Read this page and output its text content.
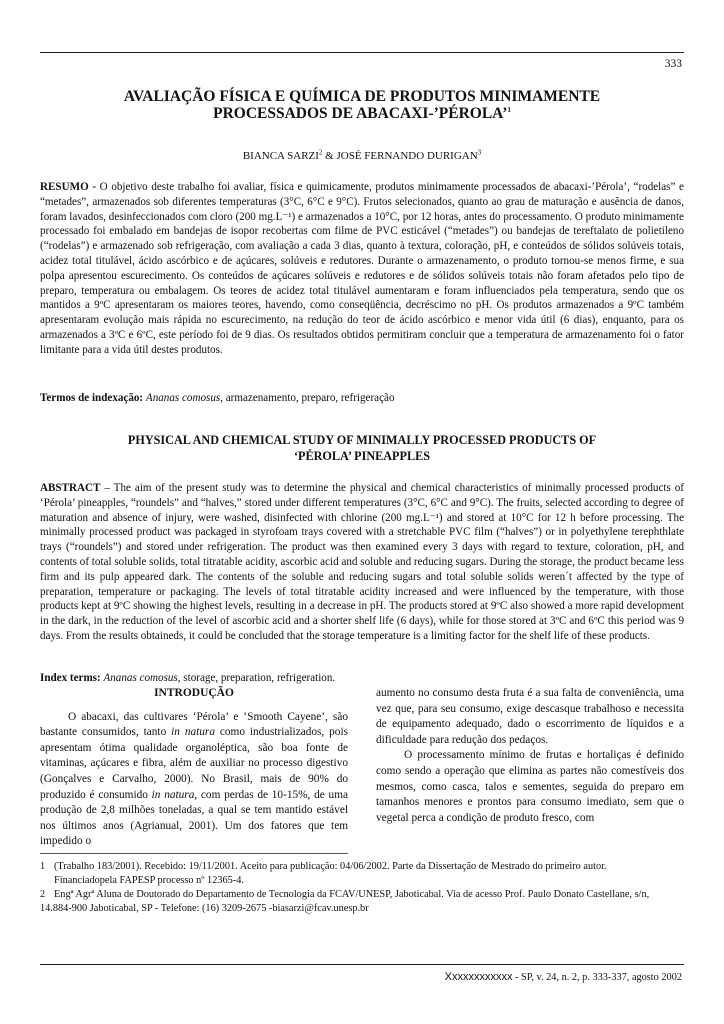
333
AVALIAÇÃO FÍSICA E QUÍMICA DE PRODUTOS MINIMAMENTE
PROCESSADOS DE ABACAXI-’PÉROLA’$^1$
BIANCA SARZI$^2$ & JOSÉ FERNANDO DURIGAN$^3$
RESUMO - O objetivo deste trabalho foi avaliar, física e quimicamente, produtos minimamente processados de abacaxi-’Pérola’, “rodelas” e “metades”, armazenados sob diferentes temperaturas (3°C, 6°C e 9°C). Frutos selecionados, quanto ao grau de maturação e ausência de danos, foram lavados, desinfeccionados com cloro (200 mg.L⁻¹) e armazenados a 10°C, por 12 horas, antes do processamento. O produto minimamente processado foi embalado em bandejas de isopor recobertas com filme de PVC esticável (“metades”) ou bandejas de tereftalato de polietileno (“rodelas”) e armazenado sob refrigeração, com avaliação a cada 3 dias, quanto à textura, coloração, pH, e conteúdos de sólidos solúveis totais, acidez total titulável, ácido ascórbico e de açúcares, solúveis e redutores. Durante o armazenamento, o produto tornou-se menos firme, e sua polpa apresentou escurecimento. Os conteúdos de açúcares solúveis e redutores e de sólidos solúveis totais não foram afetados pelo tipo de preparo, temperatura ou embalagem. Os teores de acidez total titulável aumentaram e foram influenciados pela temperatura, sendo que os mantidos a 9ºC apresentaram os maiores teores, havendo, como conseqüência, decréscimo no pH. Os produtos armazenados a 9ºC também apresentaram evolução mais rápida no escurecimento, na redução do teor de ácido ascórbico e menor vida útil (6 dias), enquanto, para os armazenados a 3ºC e 6ºC, este período foi de 9 dias. Os resultados obtidos permitiram concluir que a temperatura de armazenamento foi o fator limitante para a vida útil destes produtos.
Termos de indexação: Ananas comosus, armazenamento, preparo, refrigeração
PHYSICAL AND CHEMICAL STUDY OF MINIMALLY PROCESSED PRODUCTS OF
‘PÉROLA’ PINEAPPLES
ABSTRACT – The aim of the present study was to determine the physical and chemical characteristics of minimally processed products of ‘Pérola’ pineapples, “roundels” and “halves,” stored under different temperatures (3°C, 6°C and 9°C). The fruits, selected according to degree of maturation and absence of injury, were washed, disinfected with chlorine (200 mg.L⁻¹) and stored at 10°C for 12 h before processing. The minimally processed product was packaged in styrofoam trays covered with a stretchable PVC film (“halves”) or in polyethylene terephthlate trays (“roundels”) and stored under refrigeration. The product was then examined every 3 days with regard to texture, coloration, pH, and contents of total soluble solids, total titratable acidity, ascorbic acid and soluble and reducing sugars. During the storage, the product became less firm and its pulp appeared dark. The contents of the soluble and reducing sugars and total soluble solids weren´t affected by the type of preparation, temperature or packaging. The levels of total titratable acidity increased and were influenced by the temperature, with those products kept at 9ºC showing the highest levels, resulting in a decrease in pH. The products stored at 9ºC also showed a more rapid development in the dark, in the reduction of the level of ascorbic acid and a shorter shelf life (6 days), while for those stored at 3ºC and 6ºC this period was 9 days. From the results obtaineds, it could be concluded that the storage temperature is a limiting factor for the shelf life of these products.
Index terms: Ananas comosus, storage, preparation, refrigeration.
INTRODUÇÃO

O abacaxi, das cultivares ‘Pérola’ e ‘Smooth Cayene’, são bastante consumidos, tanto in natura como industrializados, pois apresentam ótima qualidade organoléptica, são boa fonte de vitaminas, açúcares e fibra, além de auxiliar no processo digestivo (Gonçalves e Carvalho, 2000). No Brasil, mais de 90% do produzido é consumido in natura, com perdas de 10-15%, de uma produção de 2,8 milhões toneladas, a qual se tem mantido estável nos últimos anos (Agrianual, 2001). Um dos fatores que tem impedido o

aumento no consumo desta fruta é a sua falta de conveniência, uma vez que, para seu consumo, exige descasque trabalhoso e necessita de equipamento adequado, dado o escorrimento de líquidos e a dificuldade para redução dos pedaços.

O processamento mínimo de frutas e hortaliças é definido como sendo a operação que elimina as partes não comestíveis dos mesmos, como casca, talos e sementes, seguida do preparo em tamanhos menores e prontos para consumo imediato, sem que o vegetal perca a condição de produto fresco, com

1 (Trabalho 183/2001). Recebido: 19/11/2001. Aceito para publicação: 04/06/2002. Parte da Dissertação de Mestrado do primeiro autor.
Financiadopela FAPESP processo nº 12365-4.
2 Engª Agrª Aluna de Doutorado do Departamento de Tecnologia da FCAV/UNESP, Jaboticabal. Via de acesso Prof. Paulo Donato Castellane, s/n,
14.884-900 Jaboticabal, SP - Telefone: (16) 3209-2675 -biasarzi@fcav.unesp.br
Xxxxxxxxxxxx - SP, v. 24, n. 2, p. 333-337, agosto 2002
